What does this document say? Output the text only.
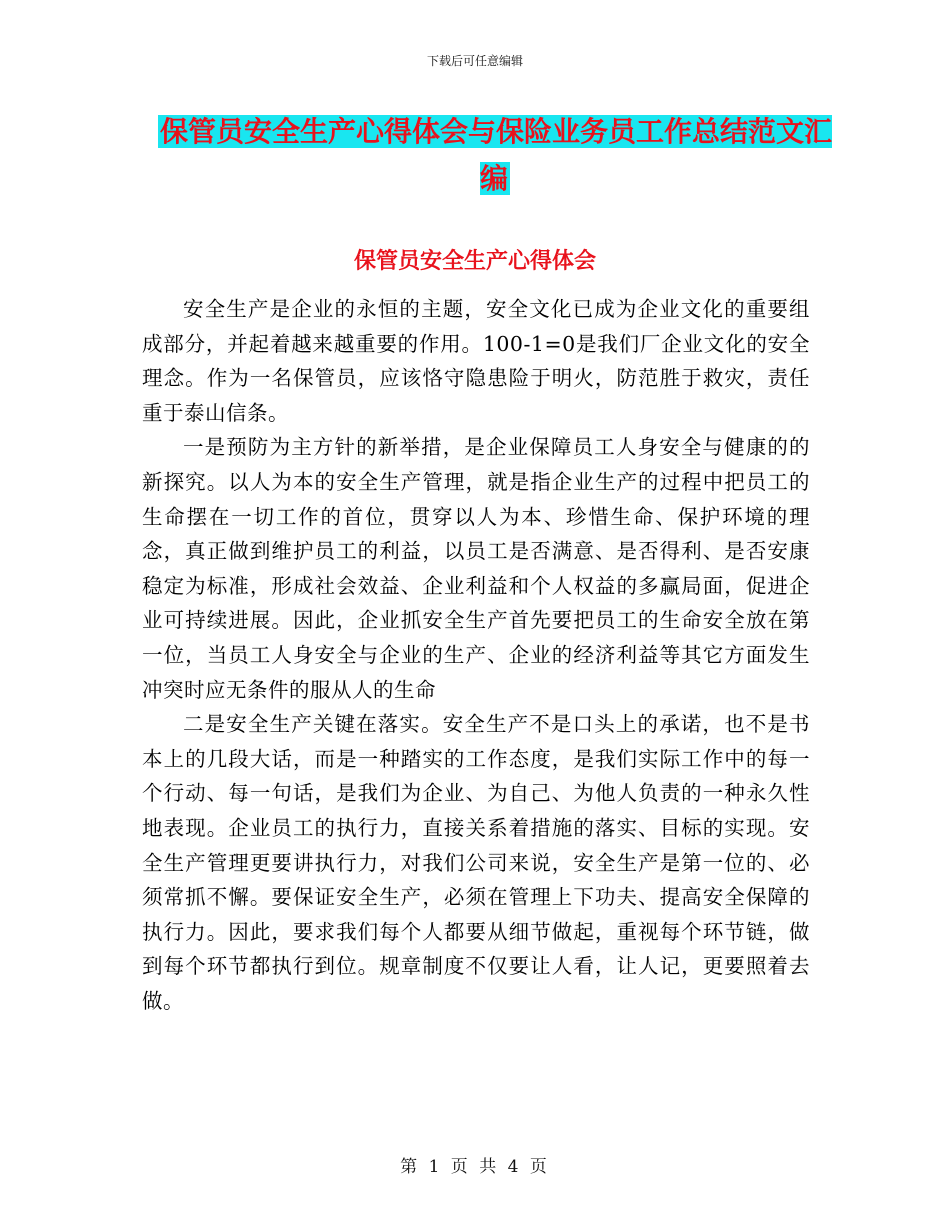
下载后可任意编辑
保管员安全生产心得体会与保险业务员工作总结范文汇编
保管员安全生产心得体会

安全生产是企业的永恒的主题，安全文化已成为企业文化的重要组成部分，并起着越来越重要的作用。100-1=0是我们厂企业文化的安全理念。作为一名保管员，应该恪守隐患险于明火，防范胜于救灾，责任重于泰山信条。

一是预防为主方针的新举措，是企业保障员工人身安全与健康的的新探究。以人为本的安全生产管理，就是指企业生产的过程中把员工的生命摆在一切工作的首位，贯穿以人为本、珍惜生命、保护环境的理念，真正做到维护员工的利益，以员工是否满意、是否得利、是否安康稳定为标准，形成社会效益、企业利益和个人权益的多赢局面，促进企业可持续进展。因此，企业抓安全生产首先要把员工的生命安全放在第一位，当员工人身安全与企业的生产、企业的经济利益等其它方面发生冲突时应无条件的服从人的生命

二是安全生产关键在落实。安全生产不是口头上的承诺，也不是书本上的几段大话，而是一种踏实的工作态度，是我们实际工作中的每一个行动、每一句话，是我们为企业、为自己、为他人负责的一种永久性地表现。企业员工的执行力，直接关系着措施的落实、目标的实现。安全生产管理更要讲执行力，对我们公司来说，安全生产是第一位的、必须常抓不懈。要保证安全生产，必须在管理上下功夫、提高安全保障的执行力。因此，要求我们每个人都要从细节做起，重视每个环节链，做到每个环节都执行到位。规章制度不仅要让人看，让人记，更要照着去做。

第 1 页 共 4 页
